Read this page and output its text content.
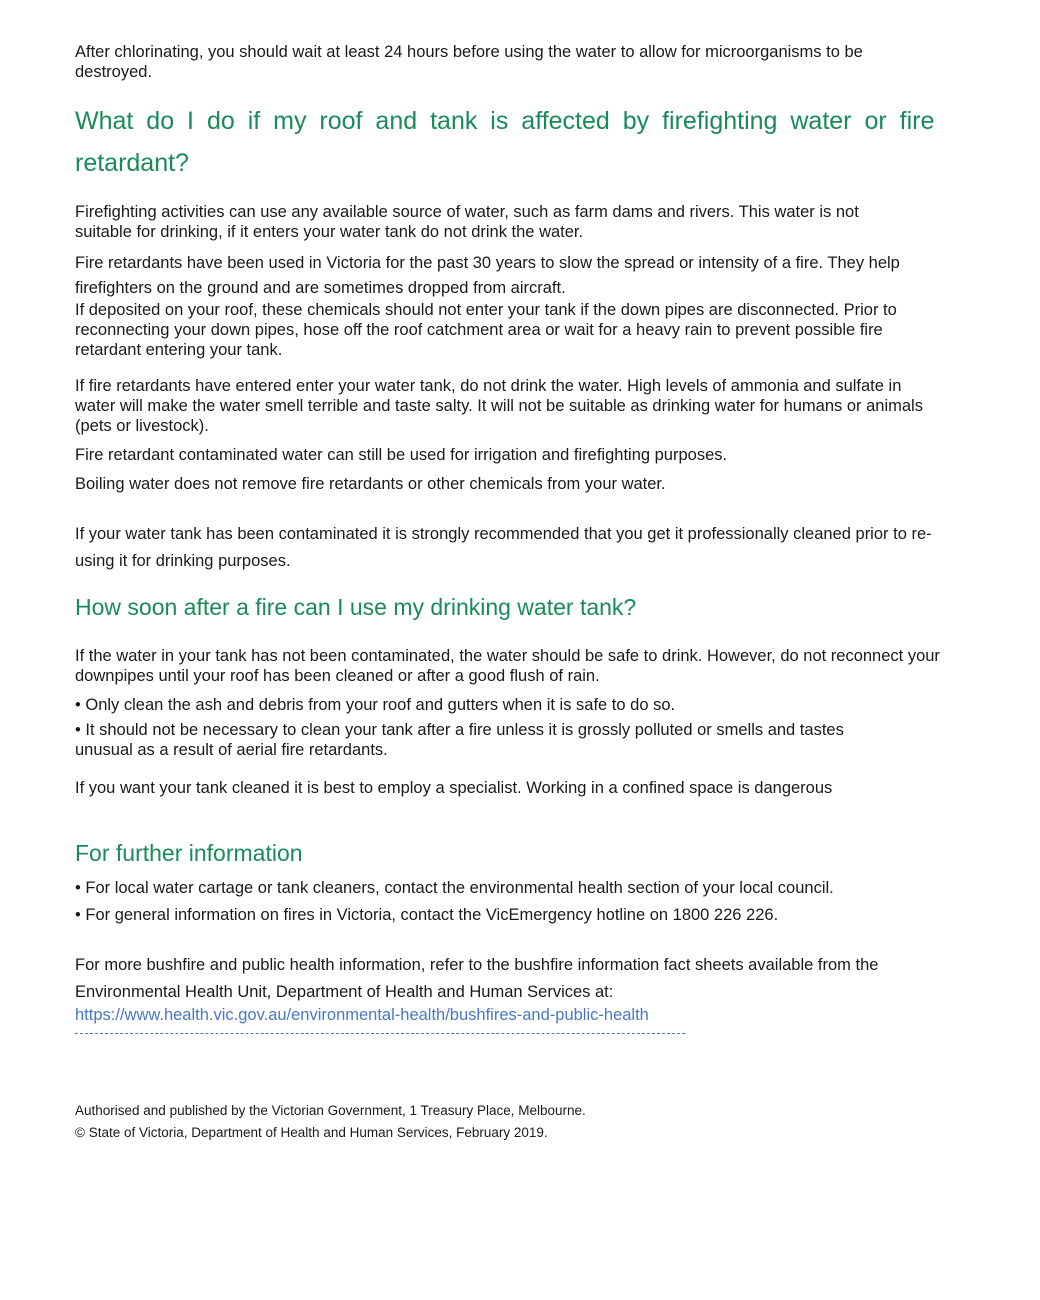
After chlorinating, you should wait at least 24 hours before using the water to allow for microorganisms to be destroyed.

What do I do if my roof and tank is affected by firefighting water or fire retardant?

Firefighting activities can use any available source of water, such as farm dams and rivers. This water is not suitable for drinking, if it enters your water tank do not drink the water.

Fire retardants have been used in Victoria for the past 30 years to slow the spread or intensity of a fire. They help firefighters on the ground and are sometimes dropped from aircraft.

If deposited on your roof, these chemicals should not enter your tank if the down pipes are disconnected. Prior to reconnecting your down pipes, hose off the roof catchment area or wait for a heavy rain to prevent possible fire retardant entering your tank.

If fire retardants have entered enter your water tank, do not drink the water. High levels of ammonia and sulfate in water will make the water smell terrible and taste salty. It will not be suitable as drinking water for humans or animals (pets or livestock).

Fire retardant contaminated water can still be used for irrigation and firefighting purposes.

Boiling water does not remove fire retardants or other chemicals from your water.

If your water tank has been contaminated it is strongly recommended that you get it professionally cleaned prior to re-using it for drinking purposes.

How soon after a fire can I use my drinking water tank?

If the water in your tank has not been contaminated, the water should be safe to drink. However, do not reconnect your downpipes until your roof has been cleaned or after a good flush of rain.

• Only clean the ash and debris from your roof and gutters when it is safe to do so.

• It should not be necessary to clean your tank after a fire unless it is grossly polluted or smells and tastes unusual as a result of aerial fire retardants.

If you want your tank cleaned it is best to employ a specialist. Working in a confined space is dangerous

For further information

• For local water cartage or tank cleaners, contact the environmental health section of your local council.

• For general information on fires in Victoria, contact the VicEmergency hotline on 1800 226 226.

For more bushfire and public health information, refer to the bushfire information fact sheets available from the Environmental Health Unit, Department of Health and Human Services at:

https://www.health.vic.gov.au/environmental-health/bushfires-and-public-health
Authorised and published by the Victorian Government, 1 Treasury Place, Melbourne.
© State of Victoria, Department of Health and Human Services, February 2019.
